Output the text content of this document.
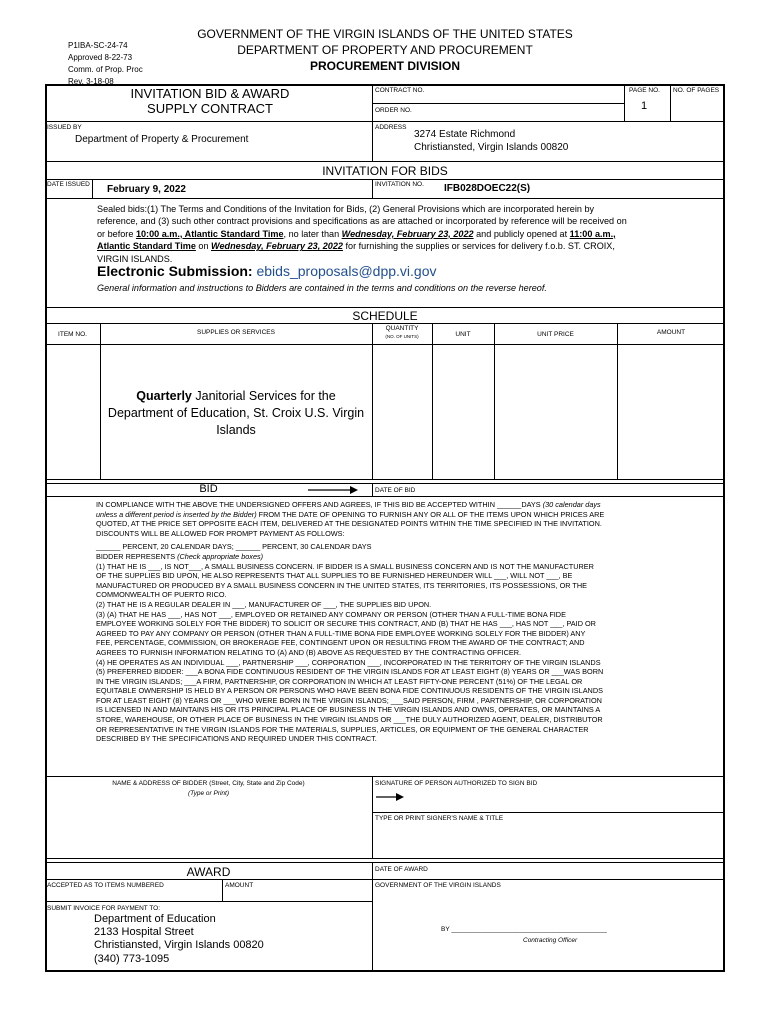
P1IBA-SC-24-74
Approved 8-22-73
Comm. of Prop. Proc
Rev. 3-18-08
GOVERNMENT OF THE VIRGIN ISLANDS OF THE UNITED STATES
DEPARTMENT OF PROPERTY AND PROCUREMENT
PROCUREMENT DIVISION
INVITATION BID & AWARD
SUPPLY CONTRACT
CONTRACT NO.
ORDER NO.
PAGE NO.
1
NO. OF PAGES
ISSUED BY
Department of Property & Procurement
ADDRESS
3274 Estate Richmond
Christiansted, Virgin Islands 00820
INVITATION FOR BIDS
DATE ISSUED February 9, 2022	INVITATION NO. IFB028DOEC22(S)
Sealed bids:(1) The Terms and Conditions of the Invitation for Bids, (2) General Provisions which are incorporated herein by
reference, and (3) such other contract provisions and specifications as are attached or incorporated by reference will be received on
or before 10:00 a.m., Atlantic Standard Time, no later than Wednesday, February 23, 2022 and publicly opened at 11:00 a.m.,
Atlantic Standard Time on Wednesday, February 23, 2022 for furnishing the supplies or services for delivery f.o.b. ST. CROIX,
VIRGIN ISLANDS.
Electronic Submission: ebids_proposals@dpp.vi.gov
General information and instructions to Bidders are contained in the terms and conditions on the reverse hereof.
SCHEDULE
ITEM NO.	SUPPLIES OR SERVICES
QUANTITY
(NO. OF UNITS)	UNIT	UNIT PRICE	AMOUNT
Quarterly Janitorial Services for the
Department of Education, St. Croix U.S. Virgin
Islands
BID	DATE OF BID
IN COMPLIANCE WITH THE ABOVE THE UNDERSIGNED OFFERS AND AGREES, IF THIS BID BE ACCEPTED WITHIN ______DAYS (30 calendar days
unless a different period is inserted by the Bidder) FROM THE DATE OF OPENING TO FURNISH ANY OR ALL OF THE ITEMS UPON WHICH PRICES ARE
QUOTED, AT THE PRICE SET OPPOSITE EACH ITEM, DELIVERED AT THE DESIGNATED POINTS WITHIN THE TIME SPECIFIED IN THE INVITATION.
DISCOUNTS WILL BE ALLOWED FOR PROMPT PAYMENT AS FOLLOWS:
______ PERCENT, 20 CALENDAR DAYS; ______ PERCENT, 30 CALENDAR DAYS
BIDDER REPRESENTS (Check appropriate boxes)
(1) THAT HE IS ___, IS NOT___, A SMALL BUSINESS CONCERN. IF BIDDER IS A SMALL BUSINESS CONCERN AND IS NOT THE MANUFACTURER
OF THE SUPPLIES BID UPON, HE ALSO REPRESENTS THAT ALL SUPPLIES TO BE FURNISHED HEREUNDER WILL ___, WILL NOT ___, BE
MANUFACTURED OR PRODUCED BY A SMALL BUSINESS CONCERN IN THE UNITED STATES, ITS TERRITORIES, ITS POSSESSIONS, OR THE
COMMONWEALTH OF PUERTO RICO.
(2) THAT HE IS A REGULAR DEALER IN ___, MANUFACTURER OF ___, THE SUPPLIES BID UPON.
(3) (A) THAT HE HAS ___, HAS NOT ___, EMPLOYED OR RETAINED ANY COMPANY OR PERSON (OTHER THAN A FULL-TIME BONA FIDE
EMPLOYEE WORKING SOLELY FOR THE BIDDER) TO SOLICIT OR SECURE THIS CONTRACT, AND (B) THAT HE HAS ___, HAS NOT ___, PAID OR
AGREED TO PAY ANY COMPANY OR PERSON (OTHER THAN A FULL-TIME BONA FIDE EMPLOYEE WORKING SOLELY FOR THE BIDDER) ANY
FEE, PERCENTAGE, COMMISSION, OR BROKERAGE FEE, CONTINGENT UPON OR RESULTING FROM THE AWARD OF THE CONTRACT; AND
AGREES TO FURNISH INFORMATION RELATING TO (A) AND (B) ABOVE AS REQUESTED BY THE CONTRACTING OFFICER.
(4) HE OPERATES AS AN INDIVIDUAL ___, PARTNERSHIP ___, CORPORATION ___, INCORPORATED IN THE TERRITORY OF THE VIRGIN ISLANDS
(5) PREFERRED BIDDER: ___A BONA FIDE CONTINUOUS RESIDENT OF THE VIRGIN ISLANDS FOR AT LEAST EIGHT (8) YEARS OR ___WAS BORN
IN THE VIRGIN ISLANDS; ___A FIRM, PARTNERSHIP, OR CORPORATION IN WHICH AT LEAST FIFTY-ONE PERCENT (51%) OF THE LEGAL OR
EQUITABLE OWNERSHIP IS HELD BY A PERSON OR PERSONS WHO HAVE BEEN BONA FIDE CONTINUOUS RESIDENTS OF THE VIRGIN ISLANDS
FOR AT LEAST EIGHT (8) YEARS OR ___WHO WERE BORN IN THE VIRGIN ISLANDS; ___SAID PERSON, FIRM , PARTNERSHIP, OR CORPORATION
IS LICENSED IN AND MAINTAINS HIS OR ITS PRINCIPAL PLACE OF BUSINESS IN THE VIRGIN ISLANDS AND OWNS, OPERATES, OR MAINTAINS A
STORE, WAREHOUSE, OR OTHER PLACE OF BUSINESS IN THE VIRGIN ISLANDS OR ___THE DULY AUTHORIZED AGENT, DEALER, DISTRIBUTOR
OR REPRESENTATIVE IN THE VIRGIN ISLANDS FOR THE MATERIALS, SUPPLIES, ARTICLES, OR EQUIPMENT OF THE GENERAL CHARACTER
DESCRIBED BY THE SPECIFICATIONS AND REQUIRED UNDER THIS CONTRACT.
NAME & ADDRESS OF BIDDER (Street, City, State and Zip Code)
(Type or Print)
SIGNATURE OF PERSON AUTHORIZED TO SIGN BID
TYPE OR PRINT SIGNER'S NAME & TITLE
AWARD	DATE OF AWARD
ACCEPTED AS TO ITEMS NUMBERED	AMOUNT	GOVERNMENT OF THE VIRGIN ISLANDS
SUBMIT INVOICE FOR PAYMENT TO:
Department of Education
2133 Hospital Street
Christiansted, Virgin Islands 00820
(340) 773-1095
BY ___________________________________________
Contracting Officer
